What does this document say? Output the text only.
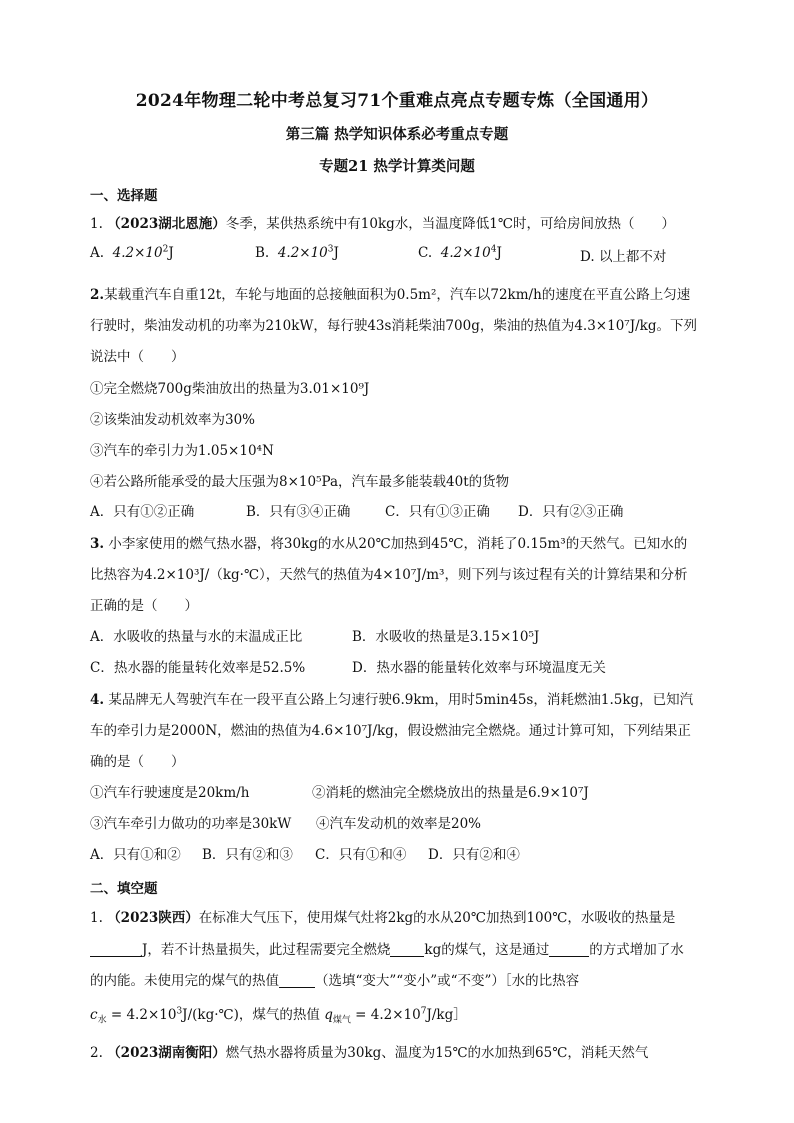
2024年物理二轮中考总复习71个重难点亮点专题专炼（全国通用）
第三篇 热学知识体系必考重点专题
专题21 热学计算类问题
一、选择题
1. （2023湖北恩施）冬季，某供热系统中有10kg水，当温度降低1℃时，可给房间放热（　　）
A. $4.2\times 10^2J$	B. $4.2\times 10^3J$	C. $4.2\times 10^4J$	D. 以上都不对
2.某载重汽车自重12t，车轮与地面的总接触面积为0.5m²，汽车以72km/h的速度在平直公路上匀速
行驶时，柴油发动机的功率为210kW，每行驶43s消耗柴油700g，柴油的热值为4.3×10⁷J/kg。下列
说法中（　　）
①完全燃烧700g柴油放出的热量为3.01×10⁹J
②该柴油发动机效率为30%
③汽车的牵引力为1.05×10⁴N
④若公路所能承受的最大压强为8×10⁵Pa，汽车最多能装载40t的货物
A．只有①②正确	B．只有③④正确	C．只有①③正确 D．只有②③正确
3. 小李家使用的燃气热水器，将30kg的水从20℃加热到45℃，消耗了0.15m³的天然气。已知水的
比热容为4.2×10³J/（kg·℃），天然气的热值为4×10⁷J/m³，则下列与该过程有关的计算结果和分析
正确的是（　　）
A．水吸收的热量与水的末温成正比	B．水吸收的热量是3.15×10⁵J
C．热水器的能量转化效率是52.5%	D．热水器的能量转化效率与环境温度无关
4. 某品牌无人驾驶汽车在一段平直公路上匀速行驶6.9km，用时5min45s，消耗燃油1.5kg，已知汽
车的牵引力是2000N，燃油的热值为4.6×10⁷J/kg，假设燃油完全燃烧。通过计算可知，下列结果正
确的是（　　）
①汽车行驶速度是20km/h	②消耗的燃油完全燃烧放出的热量是6.9×10⁷J
③汽车牵引力做功的功率是30kW ④汽车发动机的效率是20%
A．只有①和② B．只有②和③ C．只有①和④ D．只有②和④
二、填空题
1. （2023陕西）在标准大气压下，使用煤气灶将2kg的水从20℃加热到100℃，水吸收的热量是
J，若不计热量损失，此过程需要完全燃烧	kg的煤气，这是通过	的方式增加了水
的内能。未使用完的煤气的热值	（选填“变大”“变小”或“不变”）［水的比热容
$c_水$ = $4.2\times 10^3J/(kg\cdot℃)$，煤气的热值 $q_{煤气}$ = $4.2\times 10^7J/kg]$
2. （2023湖南衡阳）燃气热水器将质量为30kg、温度为15℃的水加热到65℃，消耗天然气
